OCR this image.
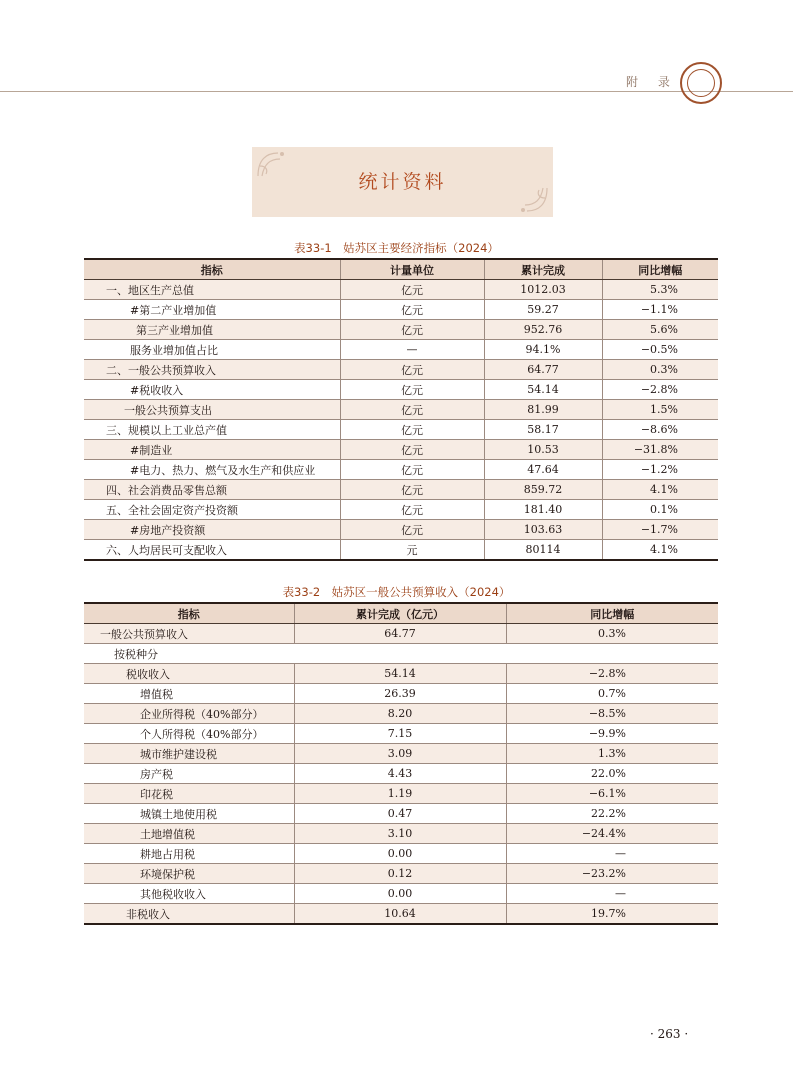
附 录
统计资料
表33-1　姑苏区主要经济指标（2024）
指标	计量单位	累计完成	同比增幅
一、地区生产总值	亿元	1012.03	5.3%
#第二产业增加值	亿元	59.27	−1.1%
第三产业增加值	亿元	952.76	5.6%
服务业增加值占比	—	94.1%	−0.5%
二、一般公共预算收入	亿元	64.77	0.3%
#税收收入	亿元	54.14	−2.8%
一般公共预算支出	亿元	81.99	1.5%
三、规模以上工业总产值	亿元	58.17	−8.6%
#制造业	亿元	10.53	−31.8%
#电力、热力、燃气及水生产和供应业	亿元	47.64	−1.2%
四、社会消费品零售总额	亿元	859.72	4.1%
五、全社会固定资产投资额	亿元	181.40	0.1%
#房地产投资额	亿元	103.63	−1.7%
六、人均居民可支配收入	元	80114	4.1%
表33-2　姑苏区一般公共预算收入（2024）
指标	累计完成（亿元）	同比增幅
一般公共预算收入	64.77	0.3%
按税种分		
税收收入	54.14	−2.8%
增值税	26.39	0.7%
企业所得税（40%部分）	8.20	−8.5%
个人所得税（40%部分）	7.15	−9.9%
城市维护建设税	3.09	1.3%
房产税	4.43	22.0%
印花税	1.19	−6.1%
城镇土地使用税	0.47	22.2%
土地增值税	3.10	−24.4%
耕地占用税	0.00	—
环境保护税	0.12	−23.2%
其他税收收入	0.00	—
非税收入	10.64	19.7%
· 263 ·
